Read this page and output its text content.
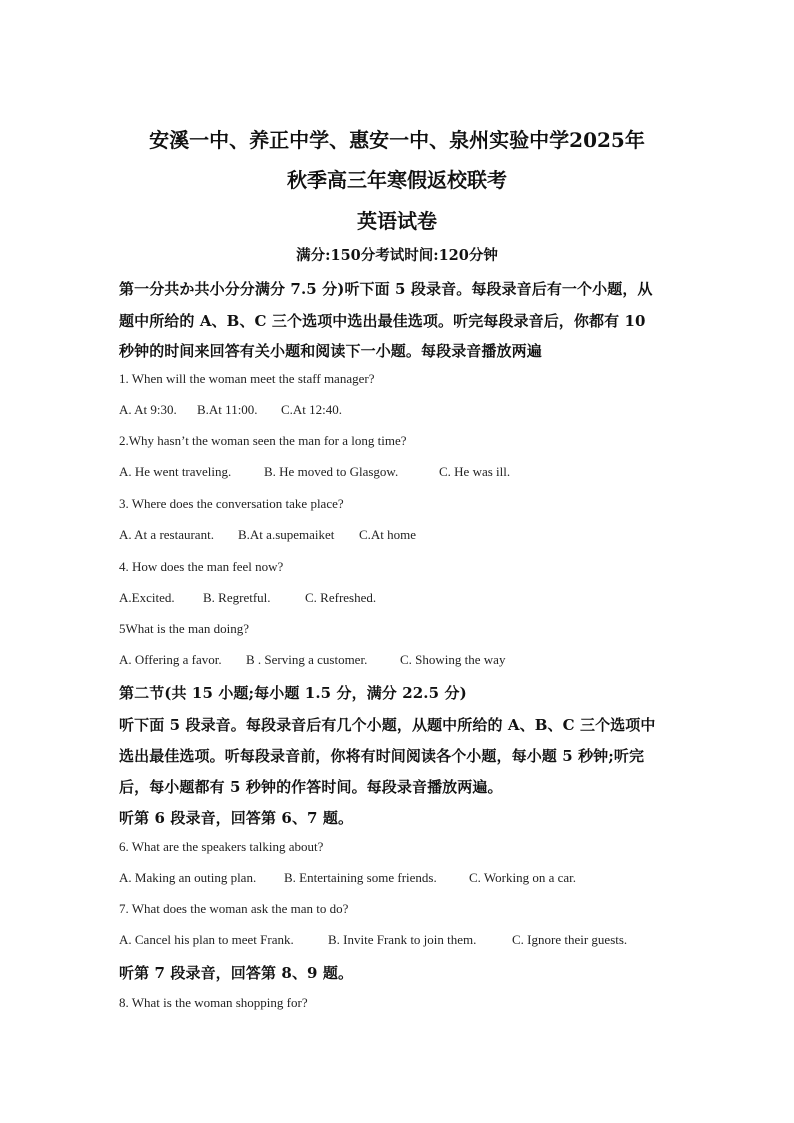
安溪一中、养正中学、惠安一中、泉州实验中学2025年
秋季高三年寒假返校联考
英语试卷
满分:150分考试时间:120分钟

第一分共か共小分分满分 7.5 分)听下面 5 段录音。每段录音后有一个小题，从

题中所给的 A、B、C 三个选项中选出最佳选项。听完每段录音后，你都有 10

秒钟的时间来回答有关小题和阅读下一小题。每段录音播放两遍

1. When will the woman meet the staff manager?

A. At 9:30. B.At 11:00. C.At 12:40.

2.Why hasn’t the woman seen the man for a long time?

A. He went traveling.	B. He moved to Glasgow.	C. He was ill.

3. Where does the conversation take place?

A. At a restaurant. B.At a.supemaiket C.At home

4. How does the man feel now?

A.Excited. B. Regretful.	C. Refreshed.

5What is the man doing?

A. Offering a favor. B . Serving a customer.	C. Showing the way

第二节(共 15 小题;每小题 1.5 分，满分 22.5 分)

听下面 5 段录音。每段录音后有几个小题，从题中所给的 A、B、C 三个选项中

选出最佳选项。听每段录音前，你将有时间阅读各个小题，每小题 5 秒钟;听完

后，每小题都有 5 秒钟的作答时间。每段录音播放两遍。

听第 6 段录音，回答第 6、7 题。

6. What are the speakers talking about?

A. Making an outing plan. B. Entertaining some friends. C. Working on a car.

7. What does the woman ask the man to do?

A. Cancel his plan to meet Frank.	B. Invite Frank to join them.	C. Ignore their guests.

听第 7 段录音，回答第 8、9 题。

8. What is the woman shopping for?
